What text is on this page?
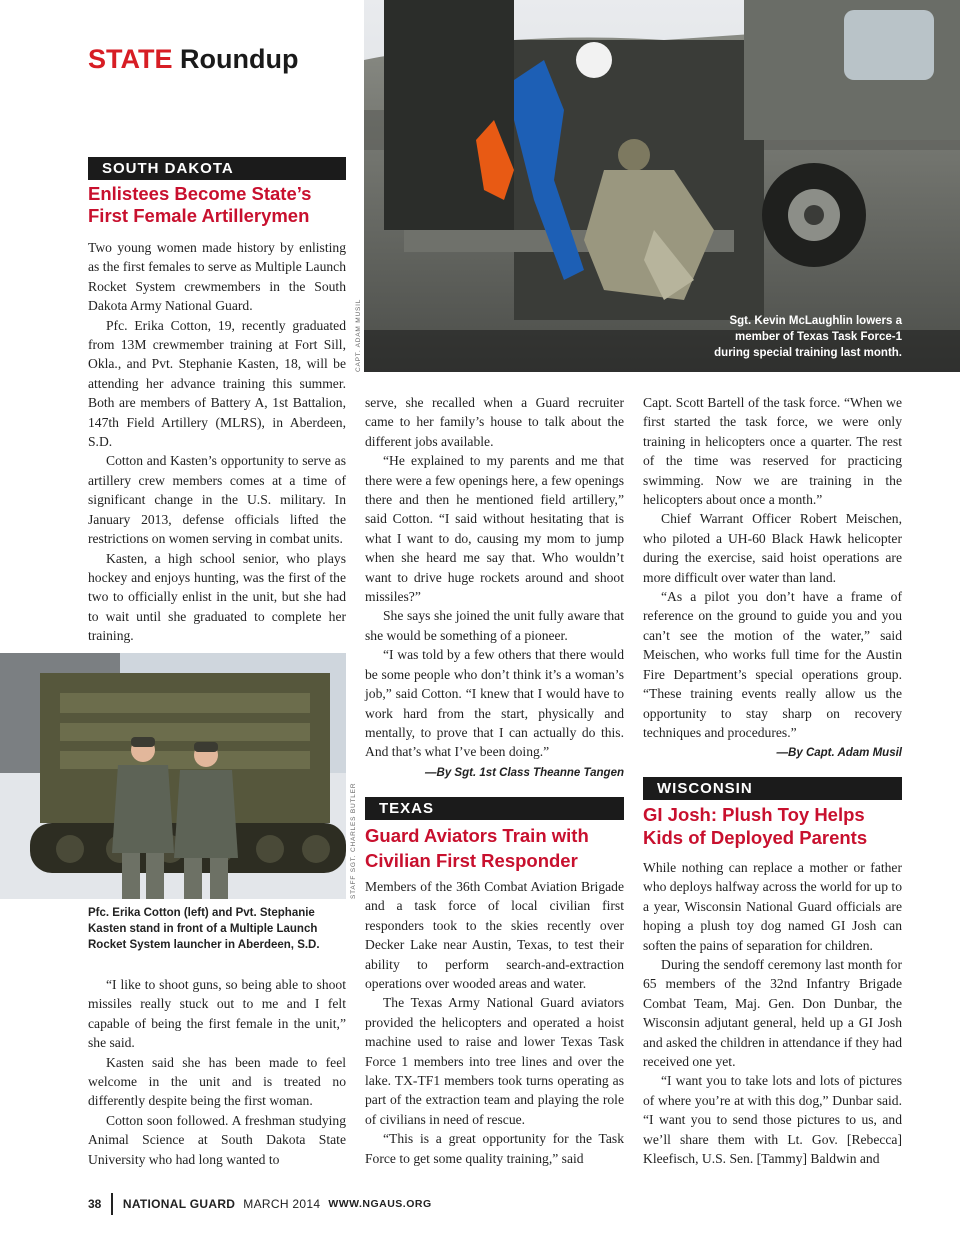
STATE Roundup
CAPT. ADAM MUSIL	Sgt. Kevin McLaughlin lowers a member of Texas Task Force-1 during special training last month.
SOUTH DAKOTA
Enlistees Become State’s
First Female Artillerymen

Two young women made history by enlisting as the first females to serve as Multiple Launch Rocket System crewmembers in the South Dakota Army National Guard.

Pfc. Erika Cotton, 19, recently graduated from 13M crewmember training at Fort Sill, Okla., and Pvt. Stephanie Kasten, 18, will be attending her advance training this summer. Both are members of Battery A, 1st Battalion, 147th Field Artillery (MLRS), in Aberdeen, S.D.

Cotton and Kasten’s opportunity to serve as artillery crew members comes at a time of significant change in the U.S. military. In January 2013, defense officials lifted the restrictions on women serving in combat units.

Kasten, a high school senior, who plays hockey and enjoys hunting, was the first of the two to officially enlist in the unit, but she had to wait until she graduated to complete her training.

STAFF SGT. CHARLES BUTLER
Pfc. Erika Cotton (left) and Pvt. Stephanie Kasten stand in front of a Multiple Launch Rocket System launcher in Aberdeen, S.D.

“I like to shoot guns, so being able to shoot missiles really stuck out to me and I felt capable of being the first female in the unit,” she said.

Kasten said she has been made to feel welcome in the unit and is treated no differently despite being the first woman.

Cotton soon followed. A freshman studying Animal Science at South Dakota State University who had long wanted to

serve, she recalled when a Guard recruiter came to her family’s house to talk about the different jobs available.

“He explained to my parents and me that there were a few openings here, a few openings there and then he mentioned field artillery,” said Cotton. “I said without hesitating that is what I want to do, causing my mom to jump when she heard me say that. Who wouldn’t want to drive huge rockets around and shoot missiles?”

She says she joined the unit fully aware that she would be something of a pioneer.

“I was told by a few others that there would be some people who don’t think it’s a woman’s job,” said Cotton. “I knew that I would have to work hard from the start, physically and mentally, to prove that I can actually do this. And that’s what I’ve been doing.”

—By Sgt. 1st Class Theanne Tangen
TEXAS
Guard Aviators Train with
Civilian First Responder

Members of the 36th Combat Aviation Brigade and a task force of local civilian first responders took to the skies recently over Decker Lake near Austin, Texas, to test their ability to perform search-and-extraction operations over wooded areas and water.

The Texas Army National Guard aviators provided the helicopters and operated a hoist machine used to raise and lower Texas Task Force 1 members into tree lines and over the lake. TX-TF1 members took turns operating as part of the extraction team and playing the role of civilians in need of rescue.

“This is a great opportunity for the Task Force to get some quality training,” said

Capt. Scott Bartell of the task force. “When we first started the task force, we were only training in helicopters once a quarter. The rest of the time was reserved for practicing swimming. Now we are training in the helicopters about once a month.”

Chief Warrant Officer Robert Meischen, who piloted a UH-60 Black Hawk helicopter during the exercise, said hoist operations are more difficult over water than land.

“As a pilot you don’t have a frame of reference on the ground to guide you and you can’t see the motion of the water,” said Meischen, who works full time for the Austin Fire Department’s special operations group. “These training events really allow us the opportunity to stay sharp on recovery techniques and procedures.”

—By Capt. Adam Musil
WISCONSIN
GI Josh: Plush Toy Helps
Kids of Deployed Parents

While nothing can replace a mother or father who deploys halfway across the world for up to a year, Wisconsin National Guard officials are hoping a plush toy dog named GI Josh can soften the pains of separation for children.

During the sendoff ceremony last month for 65 members of the 32nd Infantry Brigade Combat Team, Maj. Gen. Don Dunbar, the Wisconsin adjutant general, held up a GI Josh and asked the children in attendance if they had received one yet.

“I want you to take lots and lots of pictures of where you’re at with this dog,” Dunbar said. “I want you to send those pictures to us, and we’ll share them with Lt. Gov. [Rebecca] Kleefisch, U.S. Sen. [Tammy] Baldwin and

38 NATIONAL GUARD MARCH 2014 WWW.NGAUS.ORG
